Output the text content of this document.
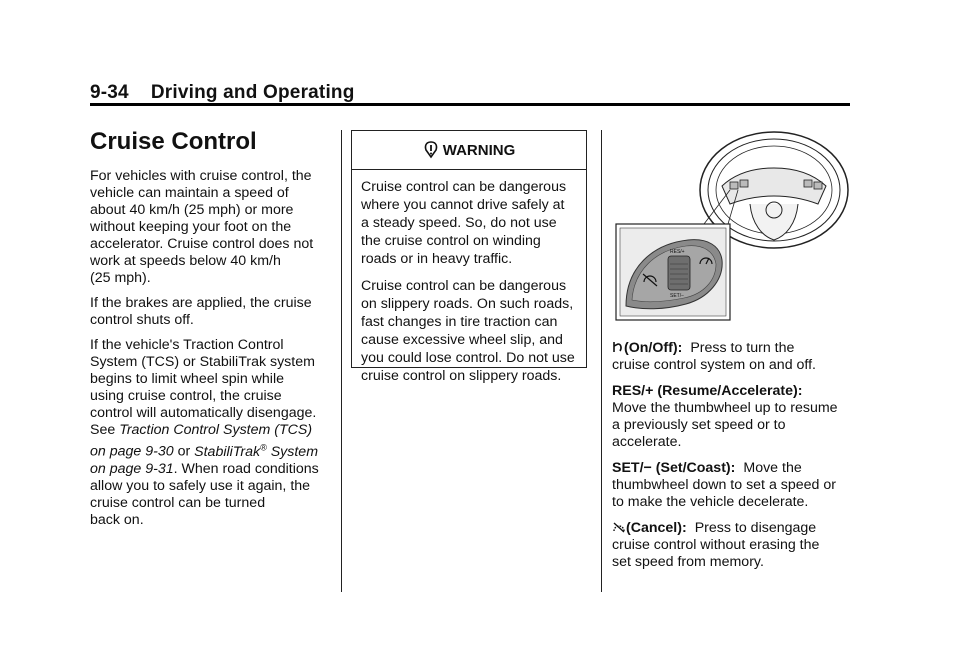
9-34 Driving and Operating
Cruise Control

For vehicles with cruise control, the
vehicle can maintain a speed of
about 40 km/h (25 mph) or more
without keeping your foot on the
accelerator. Cruise control does not
work at speeds below 40 km/h
(25 mph).

If the brakes are applied, the cruise
control shuts off.

If the vehicle's Traction Control
System (TCS) or StabiliTrak system
begins to limit wheel spin while
using cruise control, the cruise
control will automatically disengage.
See Traction Control System (TCS)
on page 9-30 or StabiliTrak® System
on page 9-31. When road conditions
allow you to safely use it again, the
cruise control can be turned
back on.

WARNING

Cruise control can be dangerous
where you cannot drive safely at
a steady speed. So, do not use
the cruise control on winding
roads or in heavy traffic.

Cruise control can be dangerous
on slippery roads. On such roads,
fast changes in tire traction can
cause excessive wheel slip, and
you could lose control. Do not use
cruise control on slippery roads.

RES/+
SET/−

(On/Off): Press to turn the
cruise control system on and off.

RES/+ (Resume/Accelerate):
Move the thumbwheel up to resume
a previously set speed or to
accelerate.

SET/− (Set/Coast): Move the
thumbwheel down to set a speed or
to make the vehicle decelerate.

(Cancel): Press to disengage
cruise control without erasing the
set speed from memory.
